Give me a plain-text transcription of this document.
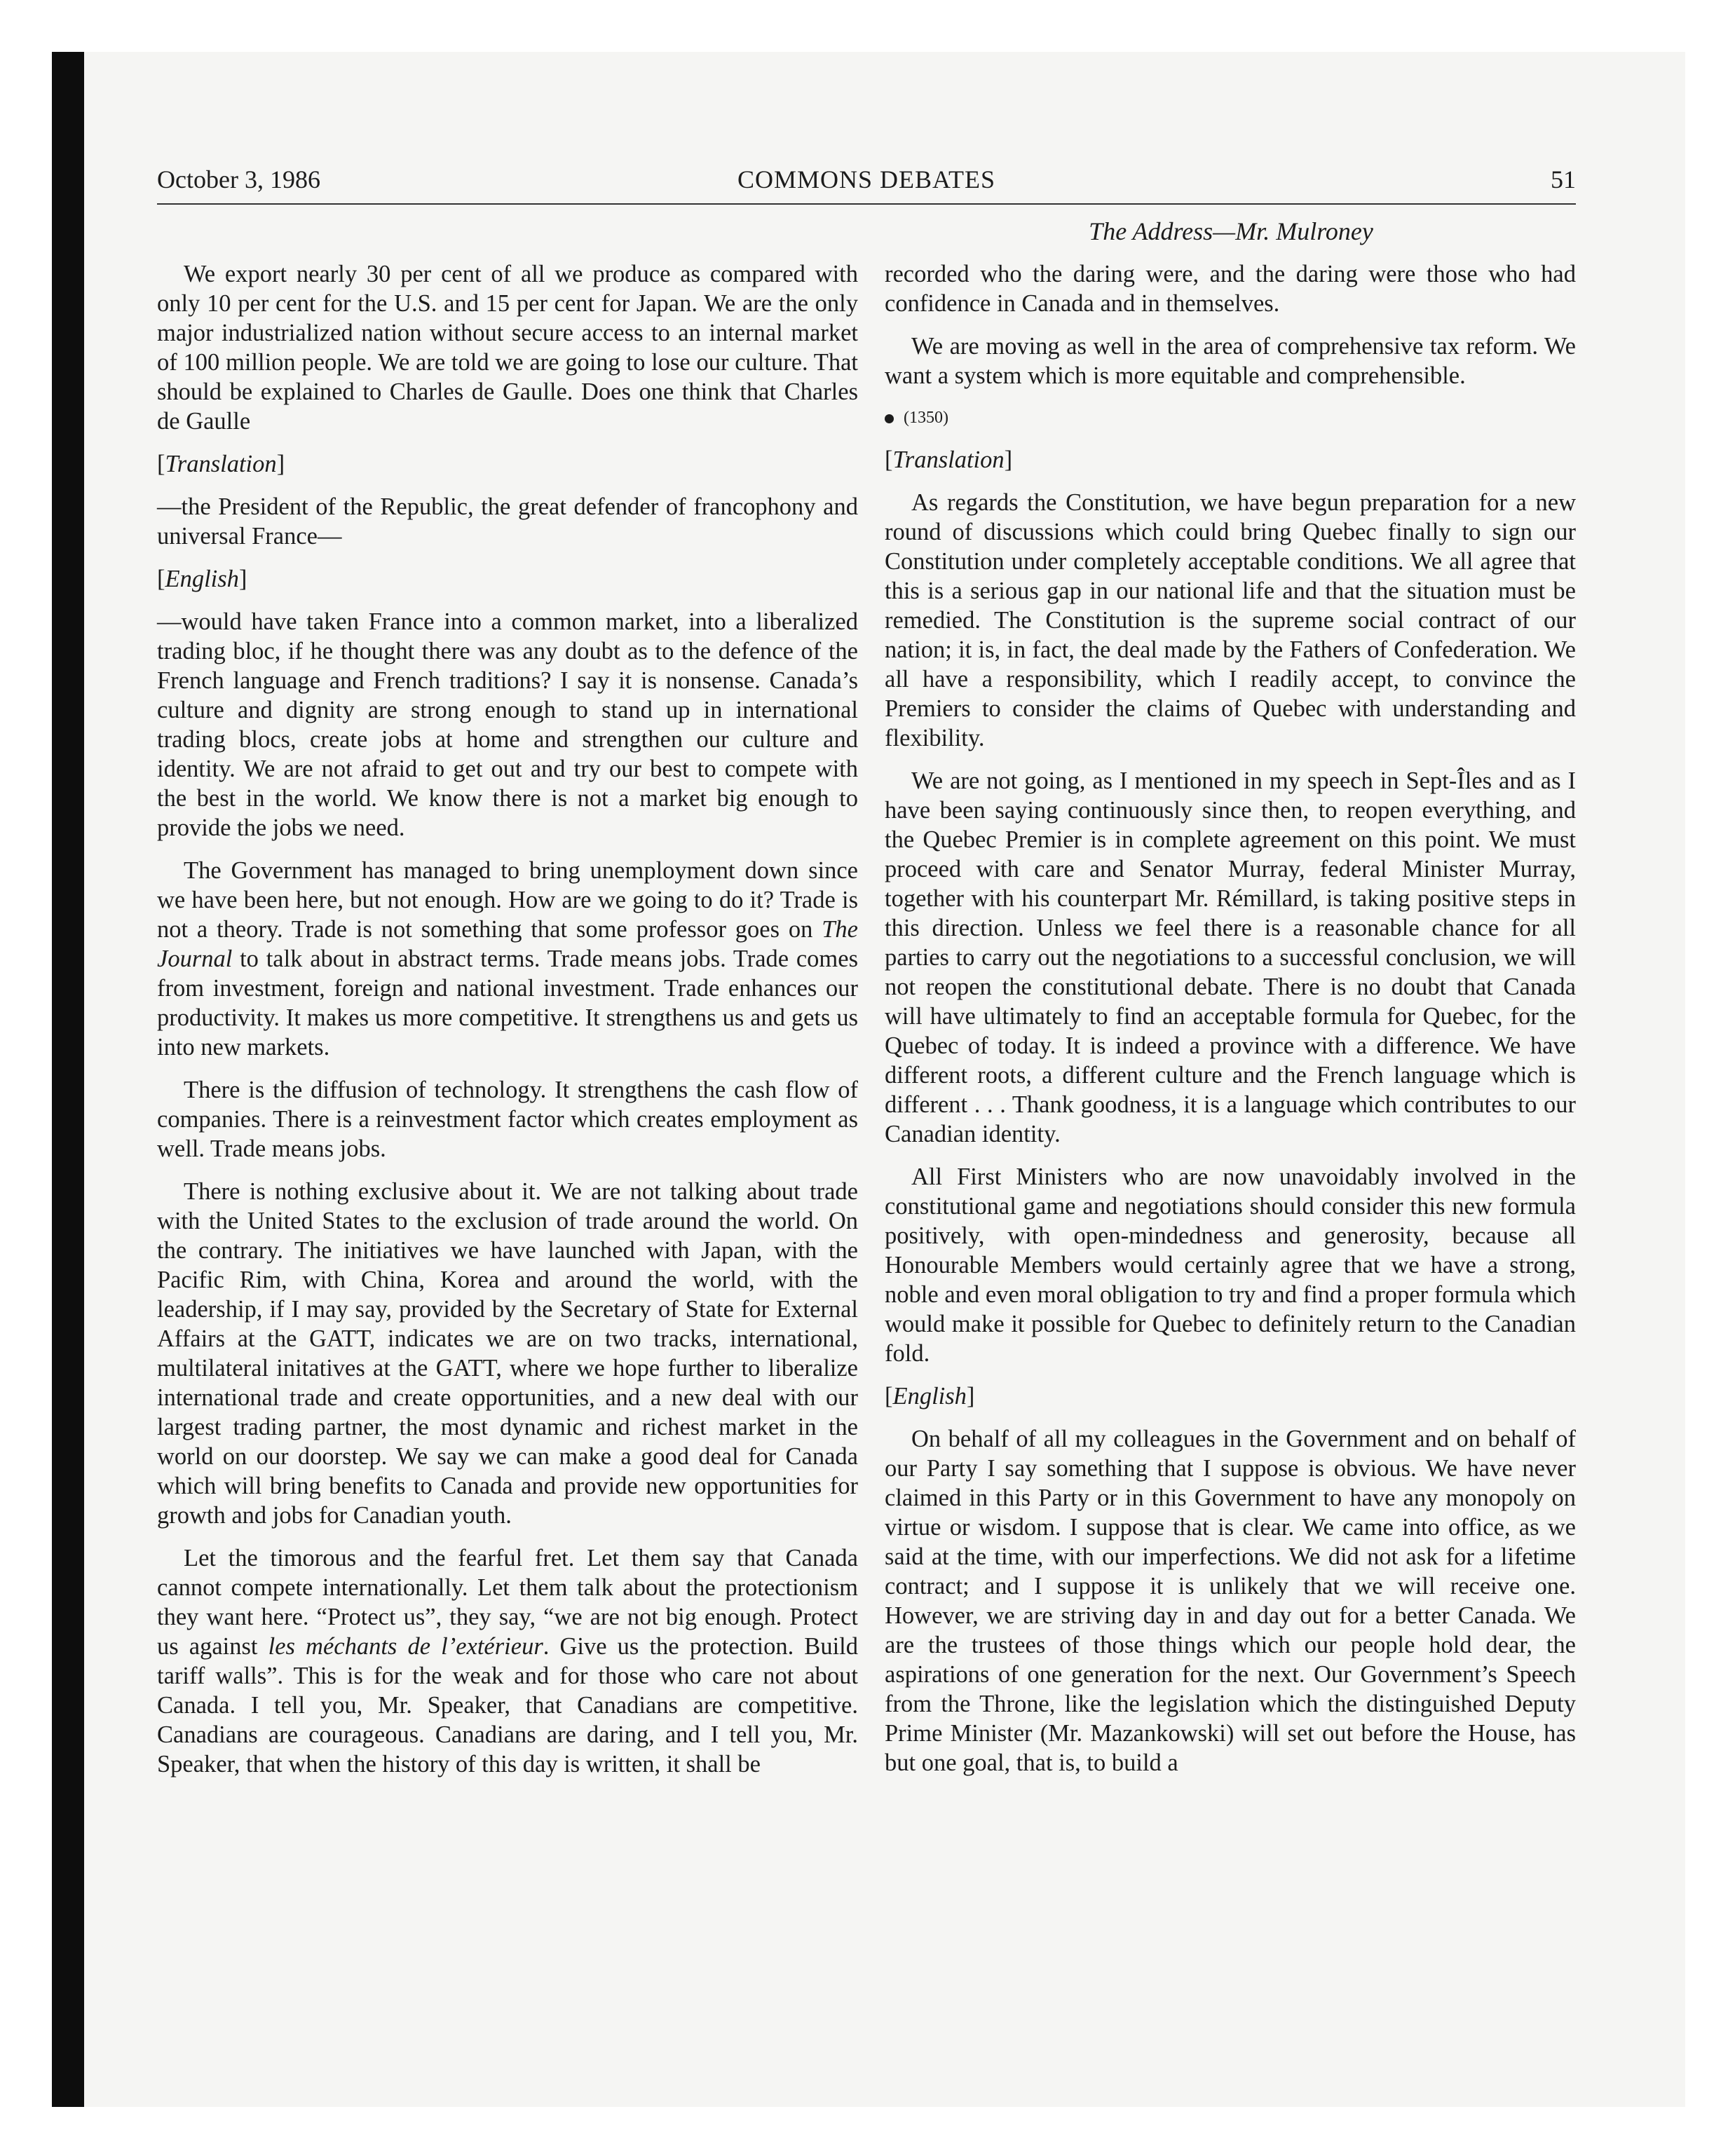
October 3, 1986	COMMONS DEBATES	51
The Address—Mr. Mulroney

We export nearly 30 per cent of all we produce as compared with only 10 per cent for the U.S. and 15 per cent for Japan. We are the only major industrialized nation without secure access to an internal market of 100 million people. We are told we are going to lose our culture. That should be explained to Charles de Gaulle. Does one think that Charles de Gaulle

[Translation]

—the President of the Republic, the great defender of francophony and universal France—

[English]

—would have taken France into a common market, into a liberalized trading bloc, if he thought there was any doubt as to the defence of the French language and French traditions? I say it is nonsense. Canada’s culture and dignity are strong enough to stand up in international trading blocs, create jobs at home and strengthen our culture and identity. We are not afraid to get out and try our best to compete with the best in the world. We know there is not a market big enough to provide the jobs we need.

The Government has managed to bring unemployment down since we have been here, but not enough. How are we going to do it? Trade is not a theory. Trade is not something that some professor goes on The Journal to talk about in abstract terms. Trade means jobs. Trade comes from investment, foreign and national investment. Trade enhances our productivity. It makes us more competitive. It strengthens us and gets us into new markets.

There is the diffusion of technology. It strengthens the cash flow of companies. There is a reinvestment factor which creates employment as well. Trade means jobs.

There is nothing exclusive about it. We are not talking about trade with the United States to the exclusion of trade around the world. On the contrary. The initiatives we have launched with Japan, with the Pacific Rim, with China, Korea and around the world, with the leadership, if I may say, provided by the Secretary of State for External Affairs at the GATT, indicates we are on two tracks, international, multilateral initatives at the GATT, where we hope further to liberalize international trade and create opportunities, and a new deal with our largest trading partner, the most dynamic and richest market in the world on our doorstep. We say we can make a good deal for Canada which will bring benefits to Canada and provide new opportunities for growth and jobs for Canadian youth.

Let the timorous and the fearful fret. Let them say that Canada cannot compete internationally. Let them talk about the protectionism they want here. “Protect us”, they say, “we are not big enough. Protect us against les méchants de l’extérieur. Give us the protection. Build tariff walls”. This is for the weak and for those who care not about Canada. I tell you, Mr. Speaker, that Canadians are competitive. Canadians are courageous. Canadians are daring, and I tell you, Mr. Speaker, that when the history of this day is written, it shall be

recorded who the daring were, and the daring were those who had confidence in Canada and in themselves.

We are moving as well in the area of comprehensive tax reform. We want a system which is more equitable and comprehensible.

(1350)

[Translation]

As regards the Constitution, we have begun preparation for a new round of discussions which could bring Quebec finally to sign our Constitution under completely acceptable conditions. We all agree that this is a serious gap in our national life and that the situation must be remedied. The Constitution is the supreme social contract of our nation; it is, in fact, the deal made by the Fathers of Confederation. We all have a responsibility, which I readily accept, to convince the Premiers to consider the claims of Quebec with understanding and flexibility.

We are not going, as I mentioned in my speech in Sept-Îles and as I have been saying continuously since then, to reopen everything, and the Quebec Premier is in complete agreement on this point. We must proceed with care and Senator Murray, federal Minister Murray, together with his counterpart Mr. Rémillard, is taking positive steps in this direction. Unless we feel there is a reasonable chance for all parties to carry out the negotiations to a successful conclusion, we will not reopen the constitutional debate. There is no doubt that Canada will have ultimately to find an acceptable formula for Quebec, for the Quebec of today. It is indeed a province with a difference. We have different roots, a different culture and the French language which is different . . . Thank goodness, it is a language which contributes to our Canadian identity.

All First Ministers who are now unavoidably involved in the constitutional game and negotiations should consider this new formula positively, with open-mindedness and generosity, because all Honourable Members would certainly agree that we have a strong, noble and even moral obligation to try and find a proper formula which would make it possible for Quebec to definitely return to the Canadian fold.

[English]

On behalf of all my colleagues in the Government and on behalf of our Party I say something that I suppose is obvious. We have never claimed in this Party or in this Government to have any monopoly on virtue or wisdom. I suppose that is clear. We came into office, as we said at the time, with our imperfections. We did not ask for a lifetime contract; and I suppose it is unlikely that we will receive one. However, we are striving day in and day out for a better Canada. We are the trustees of those things which our people hold dear, the aspirations of one generation for the next. Our Government’s Speech from the Throne, like the legislation which the distinguished Deputy Prime Minister (Mr. Mazankowski) will set out before the House, has but one goal, that is, to build a
